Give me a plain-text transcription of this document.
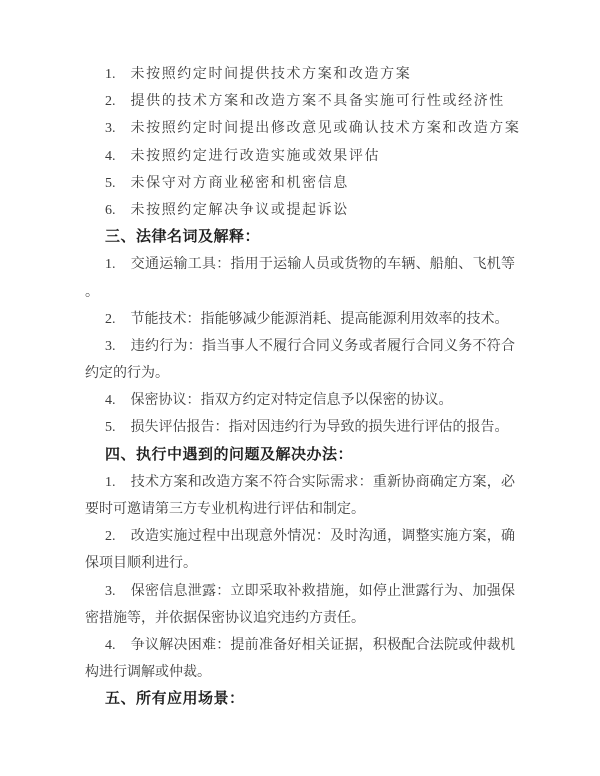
1. 未按照约定时间提供技术方案和改造方案
2. 提供的技术方案和改造方案不具备实施可行性或经济性
3. 未按照约定时间提出修改意见或确认技术方案和改造方案
4. 未按照约定进行改造实施或效果评估
5. 未保守对方商业秘密和机密信息
6. 未按照约定解决争议或提起诉讼
三、法律名词及解释：
1. 交通运输工具：指用于运输人员或货物的车辆、船舶、飞机等
。
2. 节能技术：指能够减少能源消耗、提高能源利用效率的技术。
3. 违约行为：指当事人不履行合同义务或者履行合同义务不符合
约定的行为。
4. 保密协议：指双方约定对特定信息予以保密的协议。
5. 损失评估报告：指对因违约行为导致的损失进行评估的报告。
四、执行中遇到的问题及解决办法：
1. 技术方案和改造方案不符合实际需求：重新协商确定方案，必
要时可邀请第三方专业机构进行评估和制定。
2. 改造实施过程中出现意外情况：及时沟通，调整实施方案，确
保项目顺利进行。
3. 保密信息泄露：立即采取补救措施，如停止泄露行为、加强保
密措施等，并依据保密协议追究违约方责任。
4. 争议解决困难：提前准备好相关证据，积极配合法院或仲裁机
构进行调解或仲裁。
五、所有应用场景：
